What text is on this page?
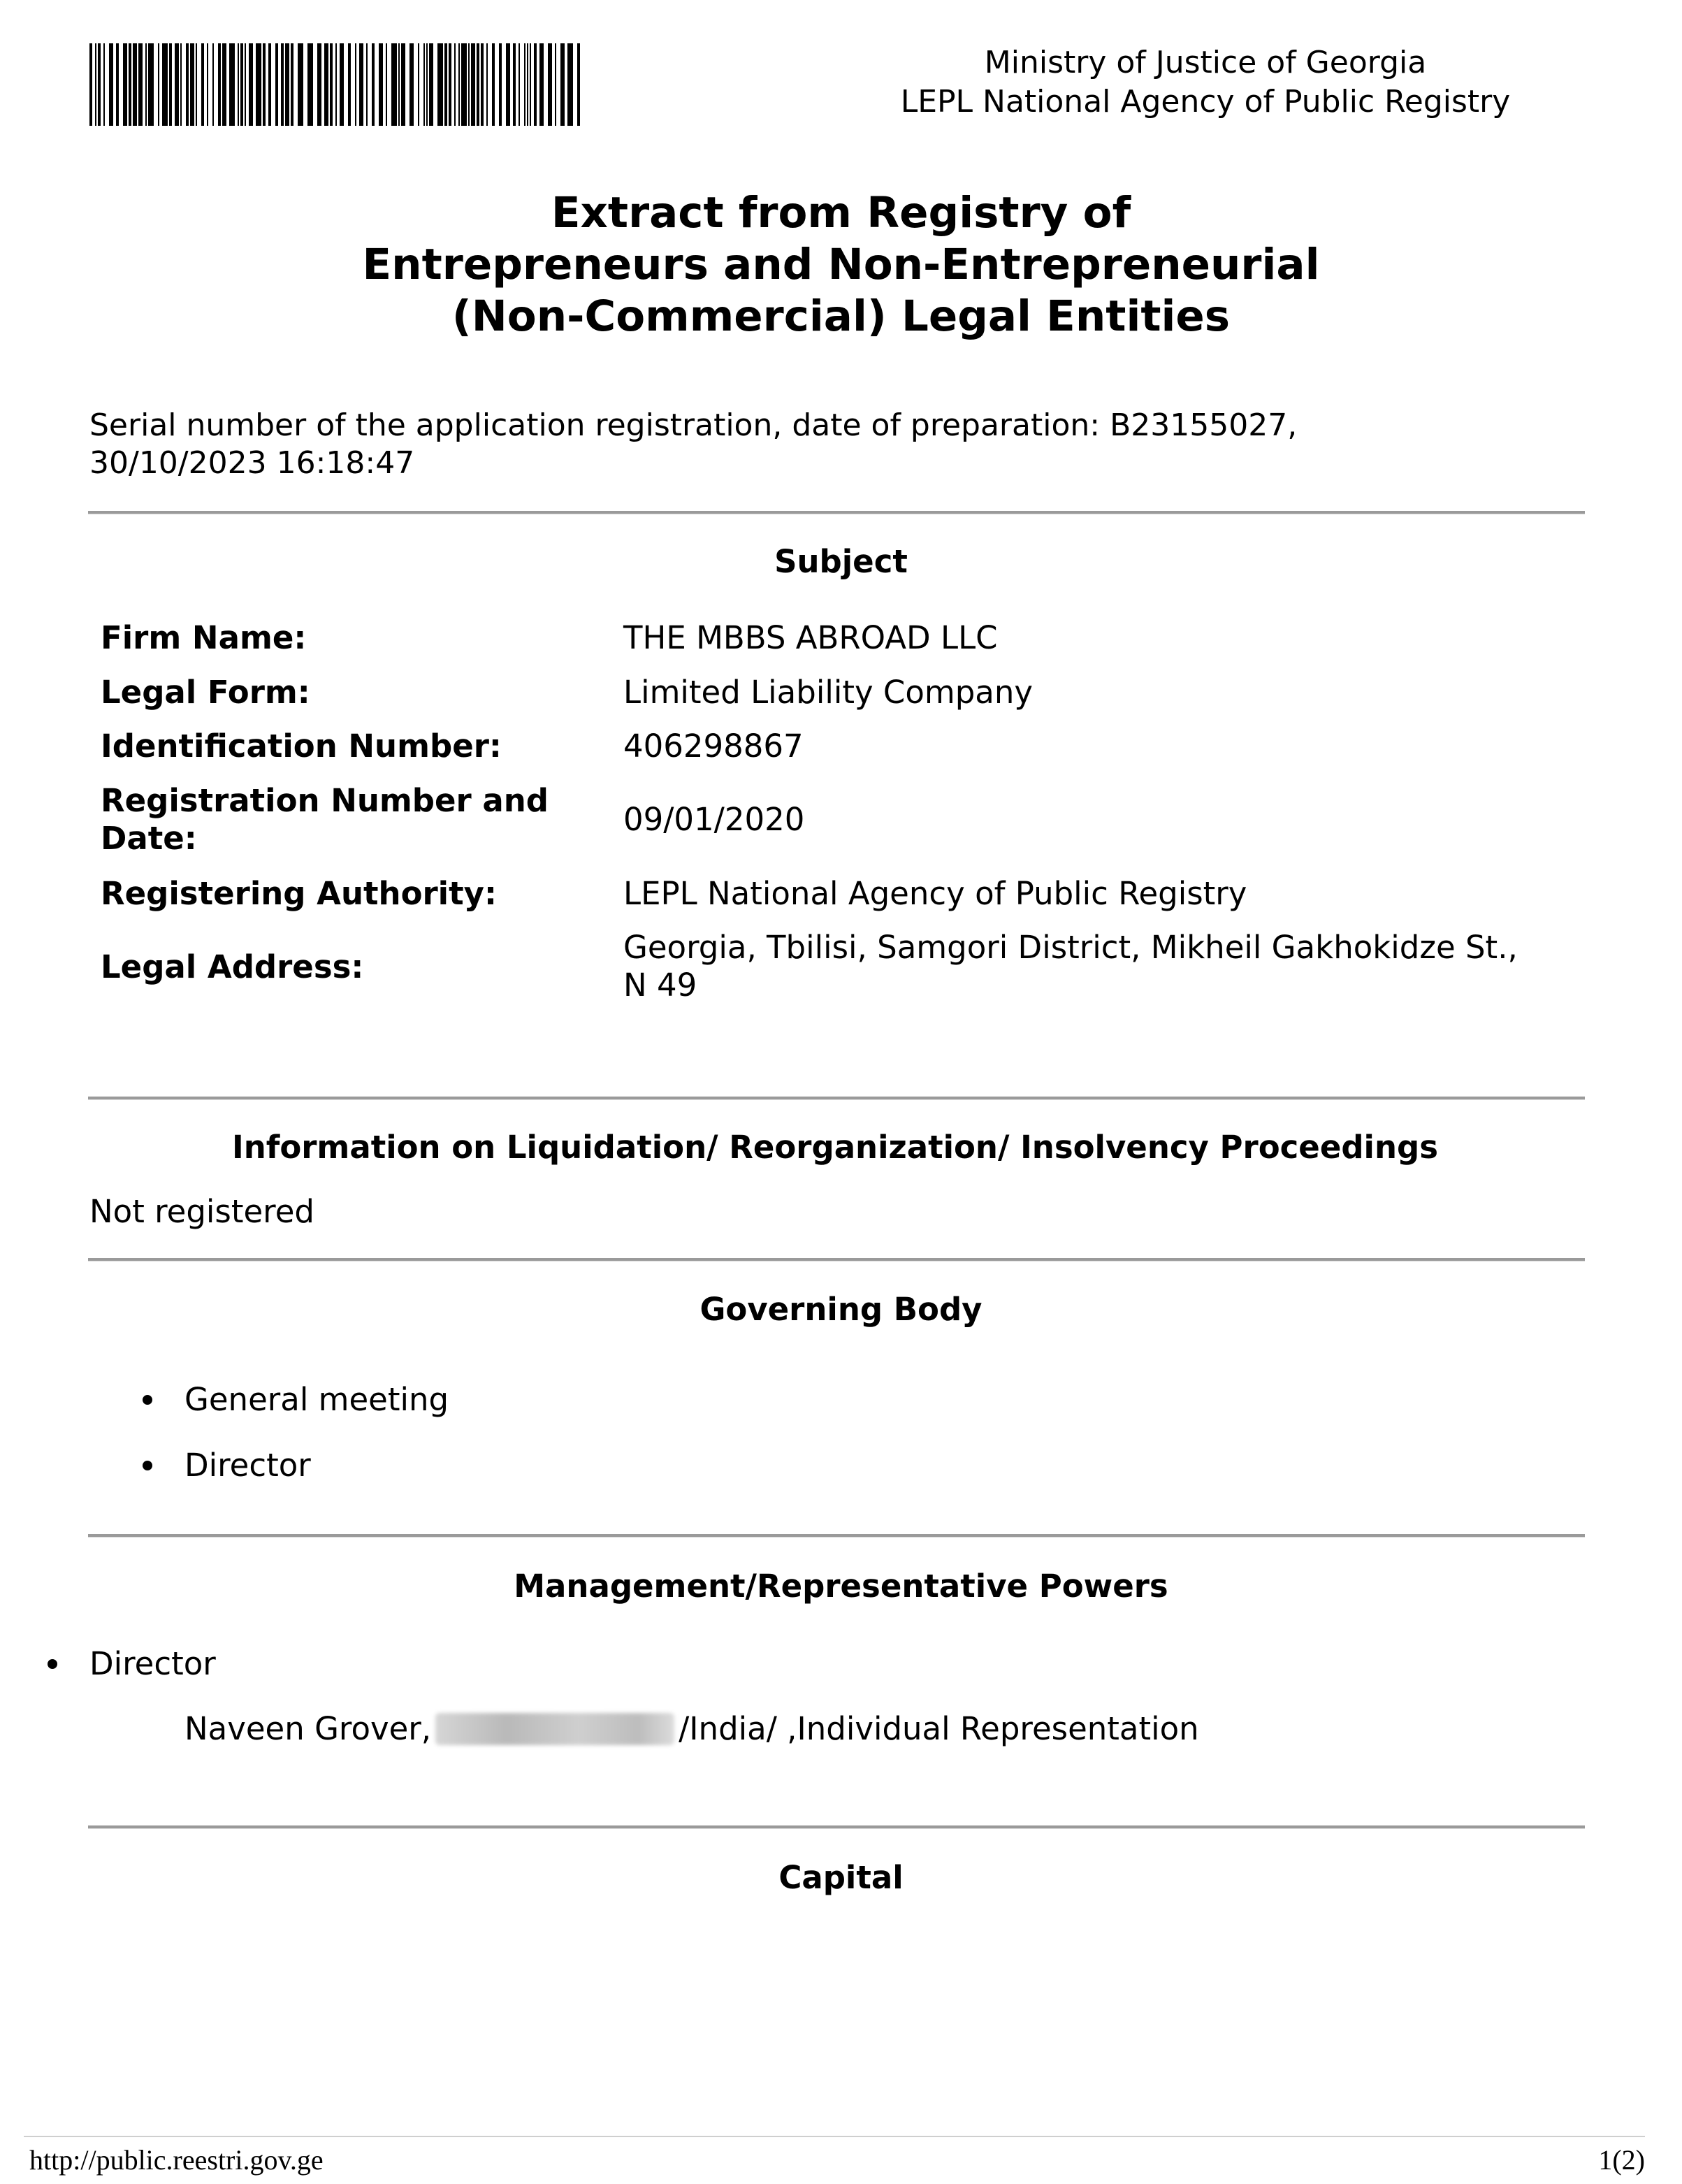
Ministry of Justice of Georgia
LEPL National Agency of Public Registry
Extract from Registry of
Entrepreneurs and Non-Entrepreneurial
(Non-Commercial) Legal Entities
Serial number of the application registration, date of preparation: B23155027,
30/10/2023 16:18:47
Subject
Firm Name:	THE MBBS ABROAD LLC
Legal Form:	Limited Liability Company
Identification Number:	406298867
Registration Number and
Date:
09/01/2020
Registering Authority:	LEPL National Agency of Public Registry
Legal Address:
Georgia, Tbilisi, Samgori District, Mikheil Gakhokidze St.,
N 49
Information on Liquidation/ Reorganization/ Insolvency Proceedings
Not registered
Governing Body
General meeting
Director
Management/Representative Powers
Director
Naveen Grover,	/India/ ,Individual Representation
Capital
http://public.reestri.gov.ge	1(2)
